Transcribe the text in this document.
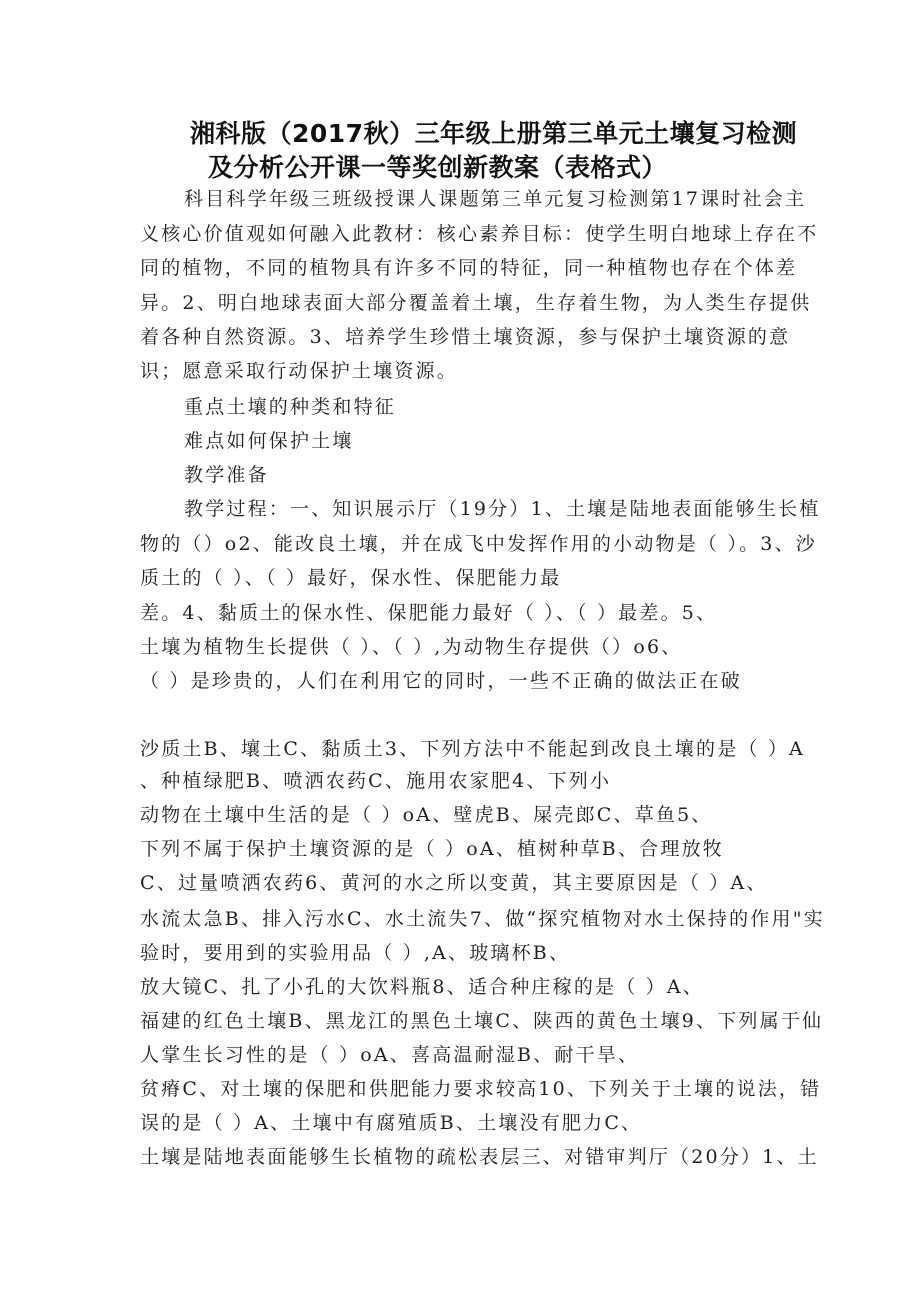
湘科版（2017秋）三年级上册第三单元土壤复习检测
及分析公开课一等奖创新教案（表格式）
科目科学年级三班级授课人课题第三单元复习检测第17课时社会主
义核心价值观如何融入此教材：核心素养目标：使学生明白地球上存在不
同的植物，不同的植物具有许多不同的特征，同一种植物也存在个体差
异。2、明白地球表面大部分覆盖着土壤，生存着生物，为人类生存提供
着各种自然资源。3、培养学生珍惜土壤资源，参与保护土壤资源的意
识；愿意采取行动保护土壤资源。
重点土壤的种类和特征
难点如何保护土壤
教学准备
教学过程：一、知识展示厅（19分）1、土壤是陆地表面能够生长植
物的（）o2、能改良土壤，并在成飞中发挥作用的小动物是（ ）。3、沙
质土的（ ）、（ ）最好，保水性、保肥能力最
差。4、黏质土的保水性、保肥能力最好（ ）、（ ）最差。5、
土壤为植物生长提供（ ）、（ ）,为动物生存提供（）o6、
（ ）是珍贵的，人们在利用它的同时，一些不正确的做法正在破
沙质土B、壤土C、黏质土3、下列方法中不能起到改良土壤的是（ ）A
、种植绿肥B、喷洒农药C、施用农家肥4、下列小
动物在土壤中生活的是（ ）oA、壁虎B、屎壳郎C、草鱼5、
下列不属于保护土壤资源的是（ ）oA、植树种草B、合理放牧
C、过量喷洒农药6、黄河的水之所以变黄，其主要原因是（ ）A、
水流太急B、排入污水C、水土流失7、做“探究植物对水土保持的作用"实
验时，要用到的实验用品（ ）,A、玻璃杯B、
放大镜C、扎了小孔的大饮料瓶8、适合种庄稼的是（ ）A、
福建的红色土壤B、黑龙江的黑色土壤C、陕西的黄色土壤9、下列属于仙
人掌生长习性的是（ ）oA、喜高温耐湿B、耐干旱、
贫瘠C、对土壤的保肥和供肥能力要求较高10、下列关于土壤的说法，错
误的是（ ）A、土壤中有腐殖质B、土壤没有肥力C、
土壤是陆地表面能够生长植物的疏松表层三、对错审判厅（20分）1、土
